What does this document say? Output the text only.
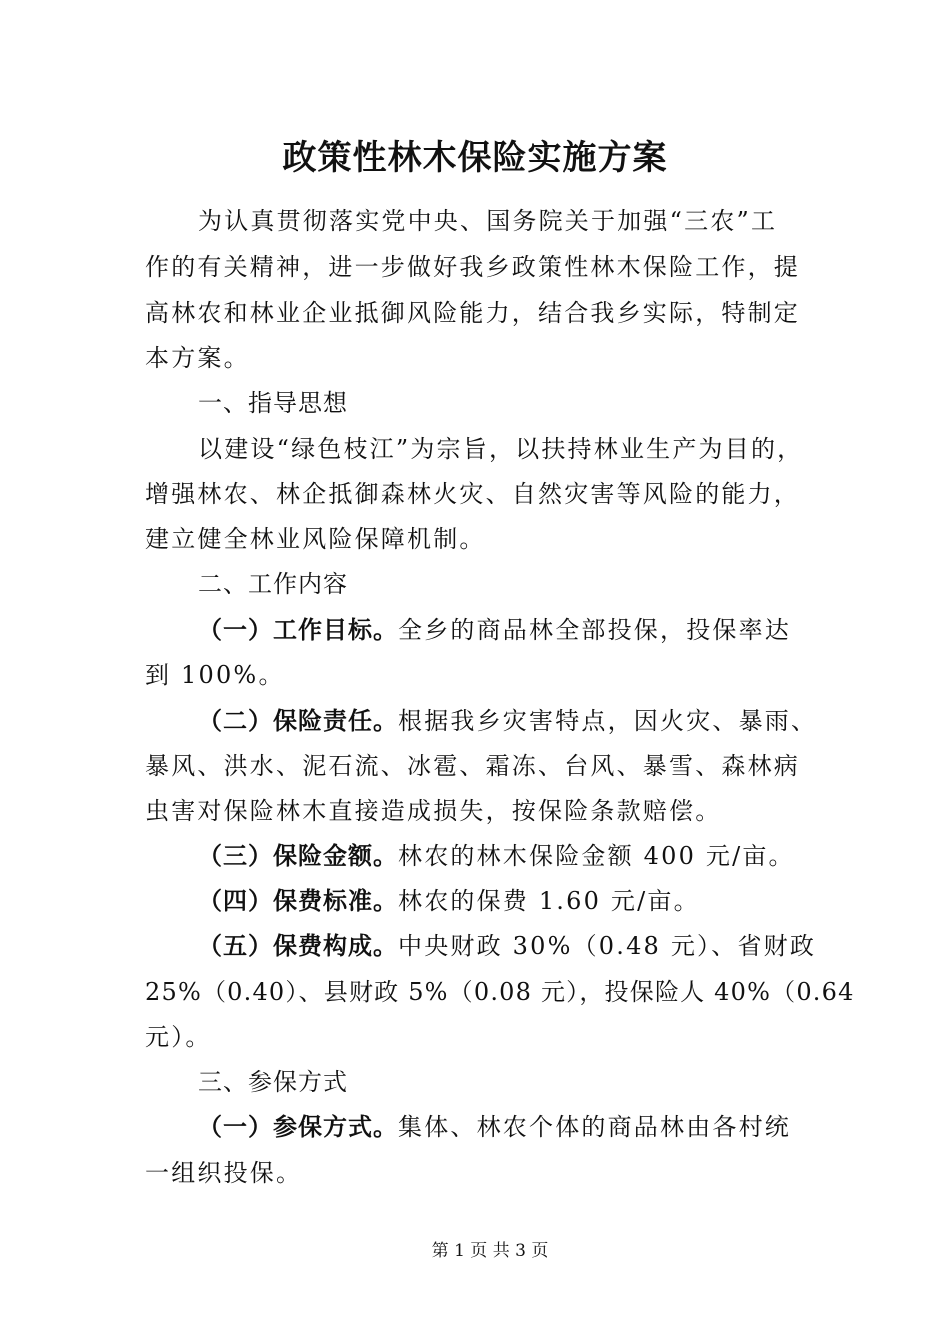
政策性林木保险实施方案
为认真贯彻落实党中央、国务院关于加强“三农”工
作的有关精神，进一步做好我乡政策性林木保险工作，提
高林农和林业企业抵御风险能力，结合我乡实际，特制定
本方案。
一、指导思想
以建设“绿色枝江”为宗旨，以扶持林业生产为目的，
增强林农、林企抵御森林火灾、自然灾害等风险的能力，
建立健全林业风险保障机制。
二、工作内容
（一）工作目标。全乡的商品林全部投保，投保率达
到 100%。
（二）保险责任。根据我乡灾害特点，因火灾、暴雨、
暴风、洪水、泥石流、冰雹、霜冻、台风、暴雪、森林病
虫害对保险林木直接造成损失，按保险条款赔偿。
（三）保险金额。林农的林木保险金额 400 元/亩。
（四）保费标准。林农的保费 1.60 元/亩。
（五）保费构成。中央财政 30%（0.48 元）、省财政
25%（0.40）、县财政 5%（0.08 元），投保险人 40%（0.64
元）。
三、参保方式
（一）参保方式。集体、林农个体的商品林由各村统
一组织投保。
第 1 页 共 3 页
